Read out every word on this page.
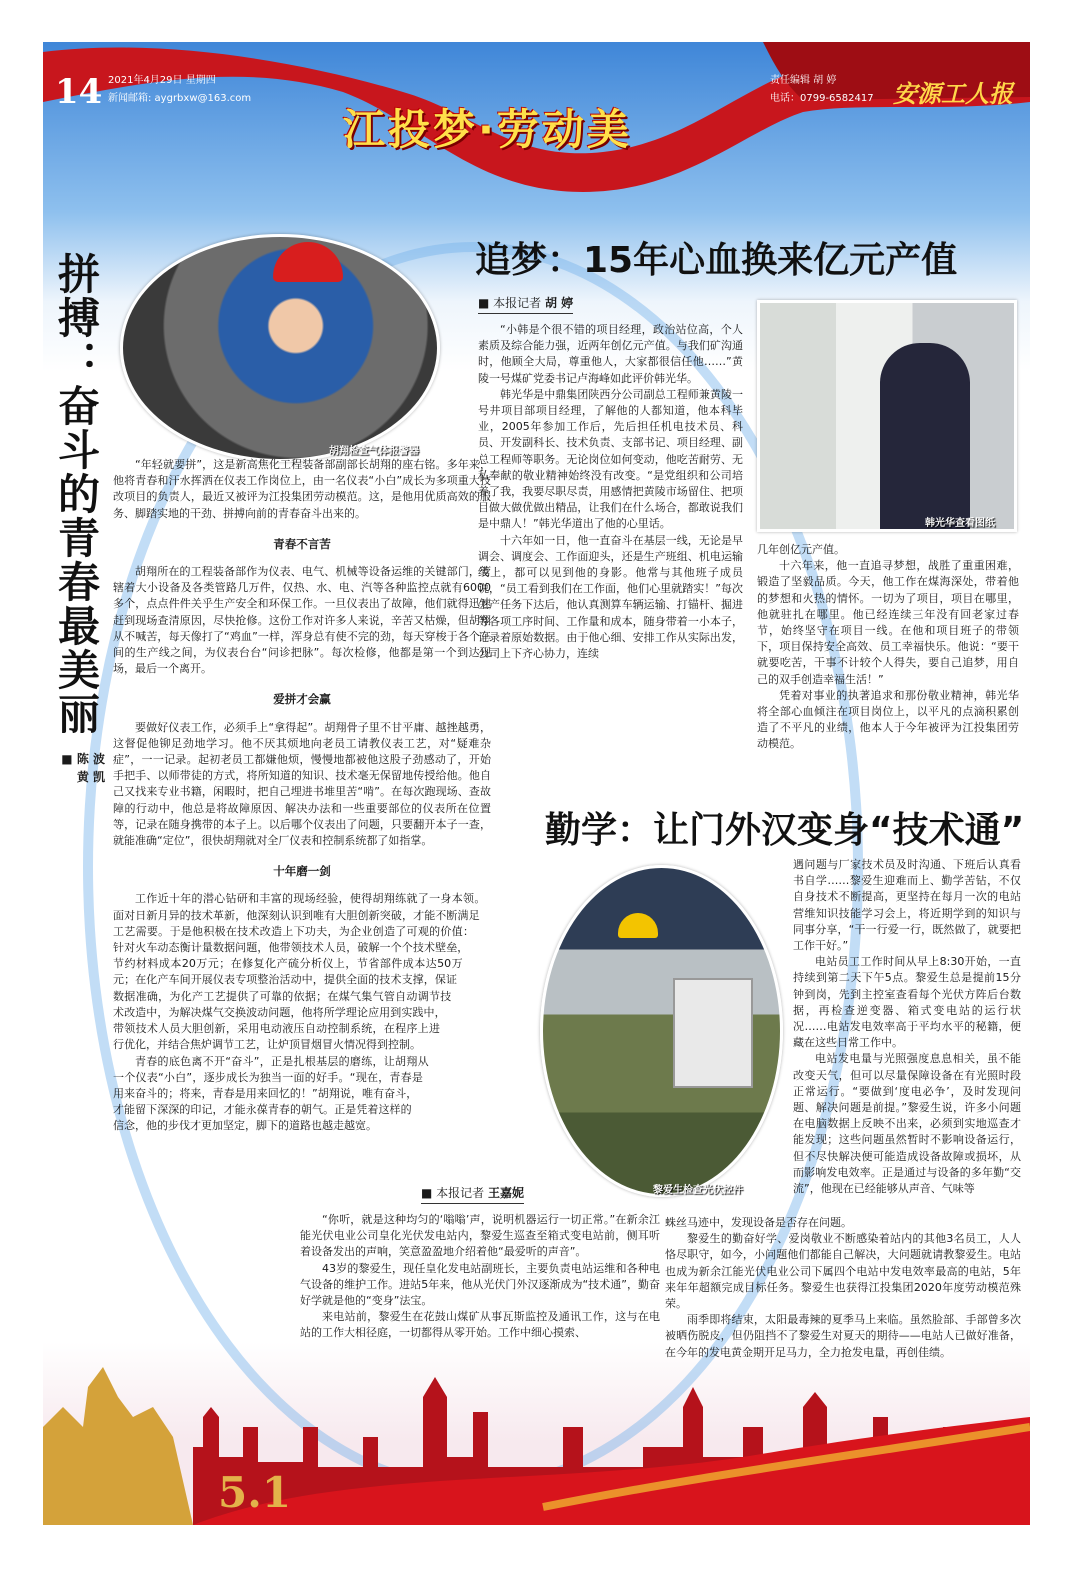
14 2021年4月29日 星期四
新闻邮箱: aygrbxw@163.com
江投梦·劳动美
责任编辑 胡 婷
电话：0799-6582417 安源工人报
拼搏：奋斗的青春最美丽
■ 陈 波 黄 凯
胡翔检查气体报警器

“年轻就要拼”，这是新高焦化工程装备部副部长胡翔的座右铭。多年来，他将青春和汗水挥洒在仪表工作岗位上，由一名仪表“小白”成长为多项重大技改项目的负责人，最近又被评为江投集团劳动模范。这，是他用优质高效的服务、脚踏实地的干劲、拼搏向前的青春奋斗出来的。

青春不言苦

胡翔所在的工程装备部作为仪表、电气、机械等设备运维的关键部门，管辖着大小设备及各类管路几万件，仅热、水、电、汽等各种监控点就有6000多个，点点件件关乎生产安全和环保工作。一旦仪表出了故障，他们就得迅速赶到现场查清原因，尽快抢修。这份工作对许多人来说，辛苦又枯燥，但胡翔从不喊苦，每天像打了“鸡血”一样，浑身总有使不完的劲，每天穿梭于各个车间的生产线之间，为仪表台台“问诊把脉”。每次检修，他都是第一个到达现场，最后一个离开。

爱拼才会赢

要做好仪表工作，必须手上“拿得起”。胡翔骨子里不甘平庸、越挫越勇，这督促他铆足劲地学习。他不厌其烦地向老员工请教仪表工艺，对“疑难杂症”，一一记录。起初老员工都嫌他烦，慢慢地都被他这股子劲感动了，开始手把手、以师带徒的方式，将所知道的知识、技术毫无保留地传授给他。他自己又找来专业书籍，闲暇时，把自己埋进书堆里苦“啃”。在每次跑现场、查故障的行动中，他总是将故障原因、解决办法和一些重要部位的仪表所在位置等，记录在随身携带的本子上。以后哪个仪表出了问题，只要翻开本子一查，就能准确“定位”，很快胡翔就对全厂仪表和控制系统都了如指掌。

十年磨一剑

工作近十年的潜心钻研和丰富的现场经验，使得胡翔练就了一身本领。面对日新月异的技术革新，他深刻认识到唯有大胆创新突破，才能不断满足工艺需要。于是他积极在技术改造上下功夫，为企业创造了可观的价值：针对火车动态衡计量数据问题，他带领技术人员，破解一个个技术壁垒，节约材料成本20万元；在修复化产硫分析仪上，节省部件成本达50万元；在化产车间开展仪表专项整治活动中，提供全面的技术支撑，保证数据准确，为化产工艺提供了可靠的依据；在煤气集气管自动调节技术改造中，为解决煤气交换波动问题，他将所学理论应用到实践中，带领技术人员大胆创新，采用电动液压自动控制系统，在程序上进行优化，并结合焦炉调节工艺，让炉顶冒烟冒火情况得到控制。

青春的底色离不开“奋斗”，正是扎根基层的磨练，让胡翔从一个仪表“小白”，逐步成长为独当一面的好手。“现在，青春是用来奋斗的；将来，青春是用来回忆的！”胡翔说，唯有奋斗，才能留下深深的印记，才能永葆青春的朝气。正是凭着这样的信念，他的步伐才更加坚定，脚下的道路也越走越宽。

追梦：15年心血换来亿元产值
■ 本报记者 胡 婷
韩光华查看图纸

“小韩是个很不错的项目经理，政治站位高，个人素质及综合能力强，近两年创亿元产值。与我们矿沟通时，他顾全大局，尊重他人，大家都很信任他……”黄陵一号煤矿党委书记卢海峰如此评价韩光华。

韩光华是中鼎集团陕西分公司副总工程师兼黄陵一号井项目部项目经理，了解他的人都知道，他本科毕业，2005年参加工作后，先后担任机电技术员、科员、开发副科长、技术负责、支部书记、项目经理、副总工程师等职务。无论岗位如何变动，他吃苦耐劳、无私奉献的敬业精神始终没有改变。“是党组织和公司培养了我，我要尽职尽责，用感情把黄陵市场留住、把项目做大做优做出精品，让我们在什么场合，都敢说我们是中鼎人！”韩光华道出了他的心里话。

十六年如一日，他一直奋斗在基层一线，无论是早调会、调度会、工作面迎头，还是生产班组、机电运输线上，都可以见到他的身影。他常与其他班子成员说，“员工看到我们在工作面，他们心里就踏实！”每次生产任务下达后，他认真测算车辆运输、打锚杆、掘进等各项工序时间、工作量和成本，随身带着一小本子，记录着原始数据。由于他心细、安排工作从实际出发，公司上下齐心协力，连续

几年创亿元产值。

十六年来，他一直追寻梦想，战胜了重重困难，锻造了坚毅品质。今天，他工作在煤海深处，带着他的梦想和火热的情怀。一切为了项目，项目在哪里，他就驻扎在哪里。他已经连续三年没有回老家过春节，始终坚守在项目一线。在他和项目班子的带领下，项目保持安全高效、员工幸福快乐。他说：“要干就要吃苦，干事不计较个人得失，要自己追梦，用自己的双手创造幸福生活！”

凭着对事业的执著追求和那份敬业精神，韩光华将全部心血倾注在项目岗位上，以平凡的点滴积累创造了不平凡的业绩，他本人于今年被评为江投集团劳动模范。

勤学：让门外汉变身“技术通”
黎爱生检查光伏控件

遇问题与厂家技术员及时沟通、下班后认真看书自学……黎爱生迎难而上、勤学苦钻，不仅自身技术不断提高，更坚持在每月一次的电站营维知识技能学习会上，将近期学到的知识与同事分享，“干一行爱一行，既然做了，就要把工作干好。”

电站员工工作时间从早上8:30开始，一直持续到第二天下午5点。黎爱生总是提前15分钟到岗，先到主控室查看每个光伏方阵后台数据，再检查逆变器、箱式变电站的运行状况……电站发电效率高于平均水平的秘籍，便藏在这些日常工作中。

电站发电量与光照强度息息相关，虽不能改变天气，但可以尽量保障设备在有光照时段正常运行。“要做到‘度电必争’，及时发现问题、解决问题是前提。”黎爱生说，许多小问题在电脑数据上反映不出来，必须到实地巡查才能发现；这些问题虽然暂时不影响设备运行，但不尽快解决便可能造成设备故障或损坏，从而影响发电效率。正是通过与设备的多年勤“交流”，他现在已经能够从声音、气味等

■ 本报记者 王嘉妮

“你听，就是这种均匀的‘嗡嗡’声，说明机器运行一切正常。”在新余江能光伏电业公司皇化光伏发电站内，黎爱生巡查至箱式变电站前，侧耳听着设备发出的声响，笑意盈盈地介绍着他“最爱听的声音”。

43岁的黎爱生，现任皇化发电站副班长，主要负责电站运维和各种电气设备的维护工作。进站5年来，他从光伏门外汉逐渐成为“技术通”，勤奋好学就是他的“变身”法宝。

来电站前，黎爱生在花鼓山煤矿从事瓦斯监控及通讯工作，这与在电站的工作大相径庭，一切都得从零开始。工作中细心摸索、

蛛丝马迹中，发现设备是否存在问题。

黎爱生的勤奋好学、爱岗敬业不断感染着站内的其他3名员工，人人恪尽职守，如今，小问题他们都能自己解决，大问题就请教黎爱生。电站也成为新余江能光伏电业公司下属四个电站中发电效率最高的电站，5年来年年超额完成目标任务。黎爱生也获得江投集团2020年度劳动模范殊荣。

雨季即将结束，太阳最毒辣的夏季马上来临。虽然脸部、手部曾多次被晒伤脱皮，但仍阻挡不了黎爱生对夏天的期待——电站人已做好准备，在今年的发电黄金期开足马力，全力抢发电量，再创佳绩。

5.1
